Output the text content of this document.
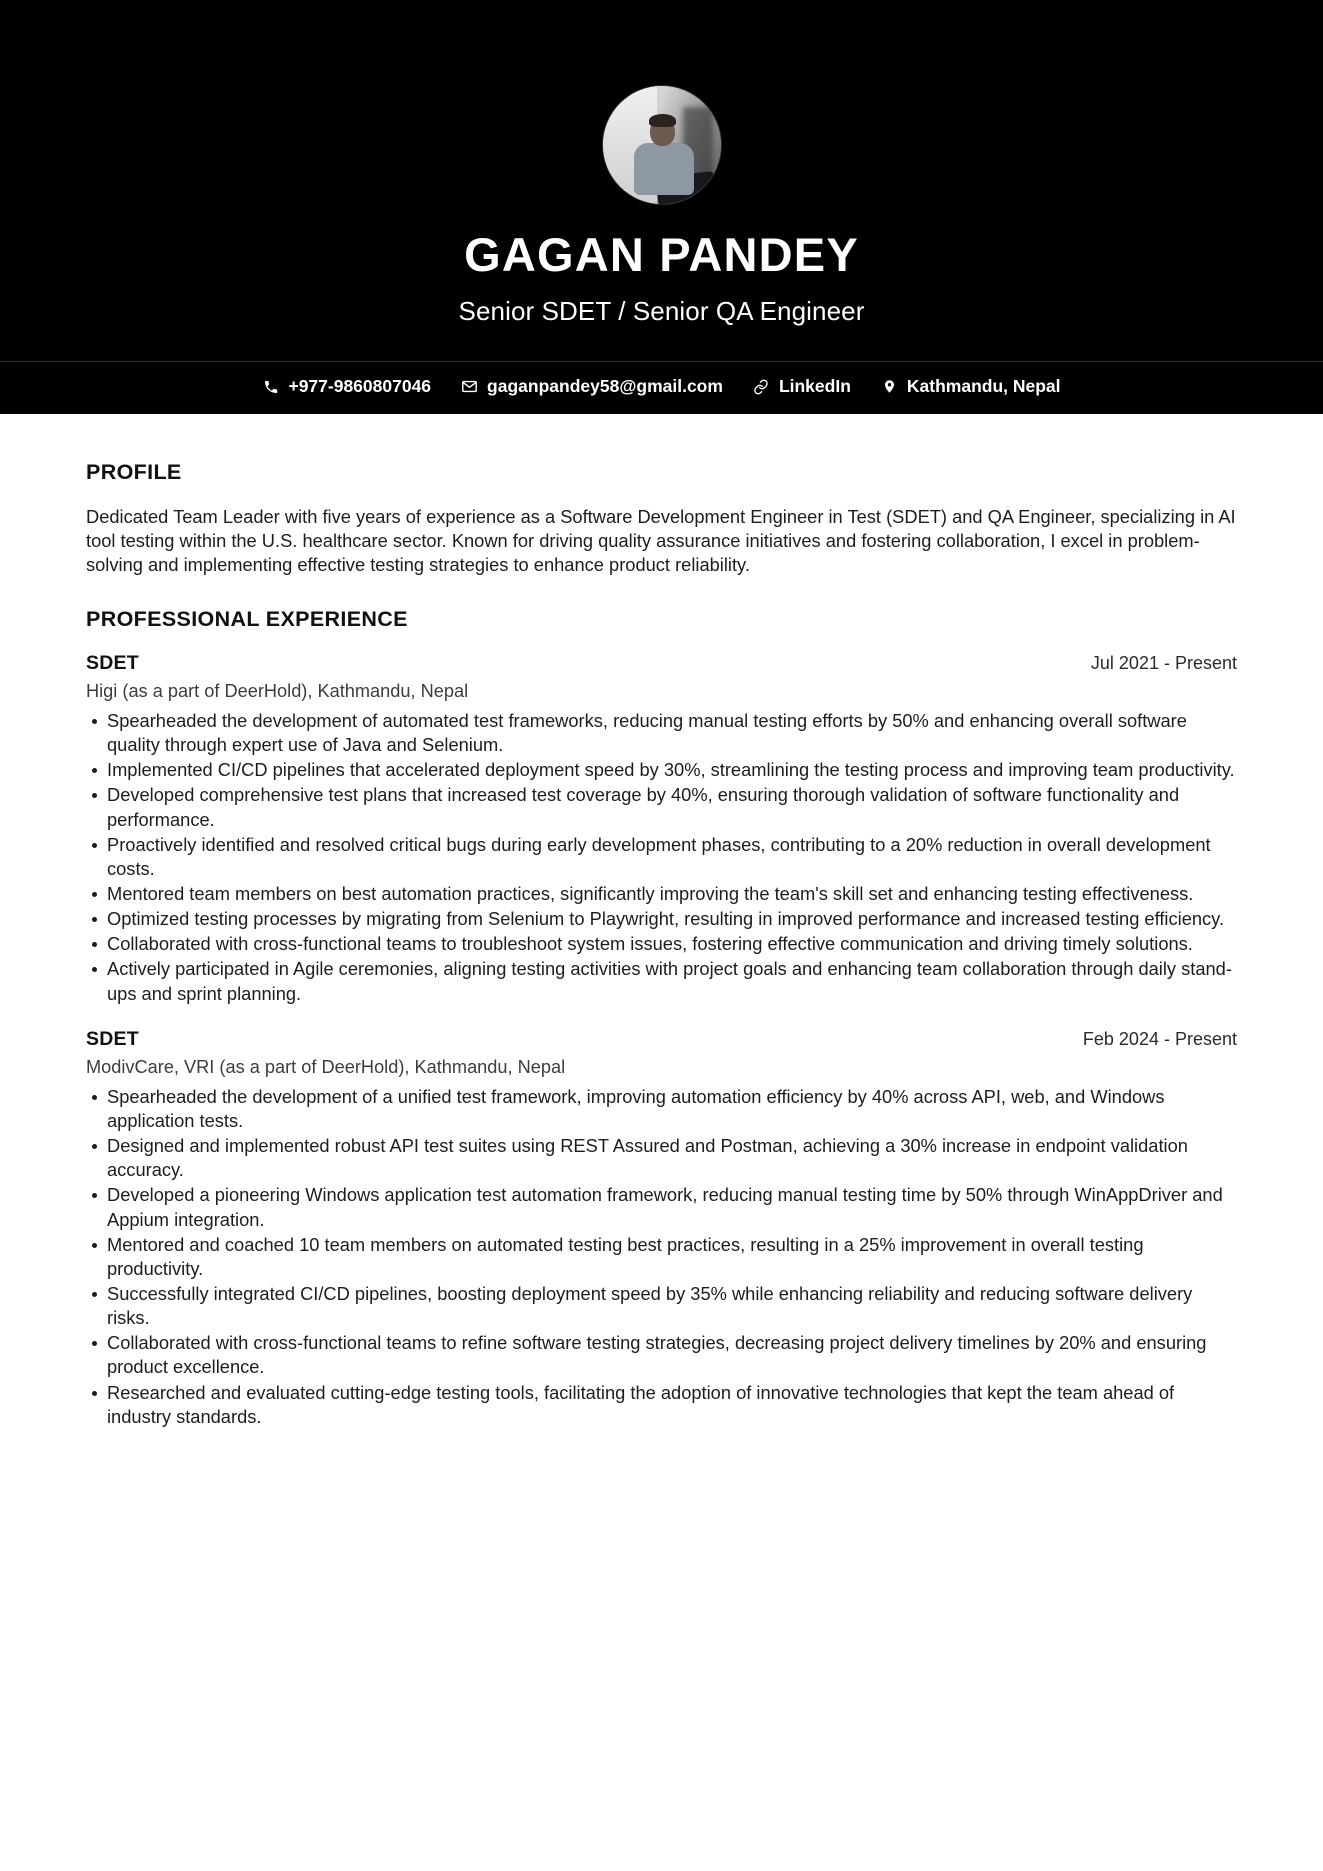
GAGAN PANDEY
Senior SDET / Senior QA Engineer
+977-9860807046	gaganpandey58@gmail.com	LinkedIn	Kathmandu, Nepal
PROFILE

Dedicated Team Leader with five years of experience as a Software Development Engineer in Test (SDET) and QA Engineer, specializing in AI tool testing within the U.S. healthcare sector. Known for driving quality assurance initiatives and fostering collaboration, I excel in problem-solving and implementing effective testing strategies to enhance product reliability.

PROFESSIONAL EXPERIENCE
SDET	Jul 2021 - Present
Higi (as a part of DeerHold), Kathmandu, Nepal
Spearheaded the development of automated test frameworks, reducing manual testing efforts by 50% and enhancing overall software quality through expert use of Java and Selenium.
Implemented CI/CD pipelines that accelerated deployment speed by 30%, streamlining the testing process and improving team productivity.
Developed comprehensive test plans that increased test coverage by 40%, ensuring thorough validation of software functionality and performance.
Proactively identified and resolved critical bugs during early development phases, contributing to a 20% reduction in overall development costs.
Mentored team members on best automation practices, significantly improving the team's skill set and enhancing testing effectiveness.
Optimized testing processes by migrating from Selenium to Playwright, resulting in improved performance and increased testing efficiency.
Collaborated with cross-functional teams to troubleshoot system issues, fostering effective communication and driving timely solutions.
Actively participated in Agile ceremonies, aligning testing activities with project goals and enhancing team collaboration through daily stand-ups and sprint planning.
SDET	Feb 2024 - Present
ModivCare, VRI (as a part of DeerHold), Kathmandu, Nepal
Spearheaded the development of a unified test framework, improving automation efficiency by 40% across API, web, and Windows application tests.
Designed and implemented robust API test suites using REST Assured and Postman, achieving a 30% increase in endpoint validation accuracy.
Developed a pioneering Windows application test automation framework, reducing manual testing time by 50% through WinAppDriver and Appium integration.
Mentored and coached 10 team members on automated testing best practices, resulting in a 25% improvement in overall testing productivity.
Successfully integrated CI/CD pipelines, boosting deployment speed by 35% while enhancing reliability and reducing software delivery risks.
Collaborated with cross-functional teams to refine software testing strategies, decreasing project delivery timelines by 20% and ensuring product excellence.
Researched and evaluated cutting-edge testing tools, facilitating the adoption of innovative technologies that kept the team ahead of industry standards.
